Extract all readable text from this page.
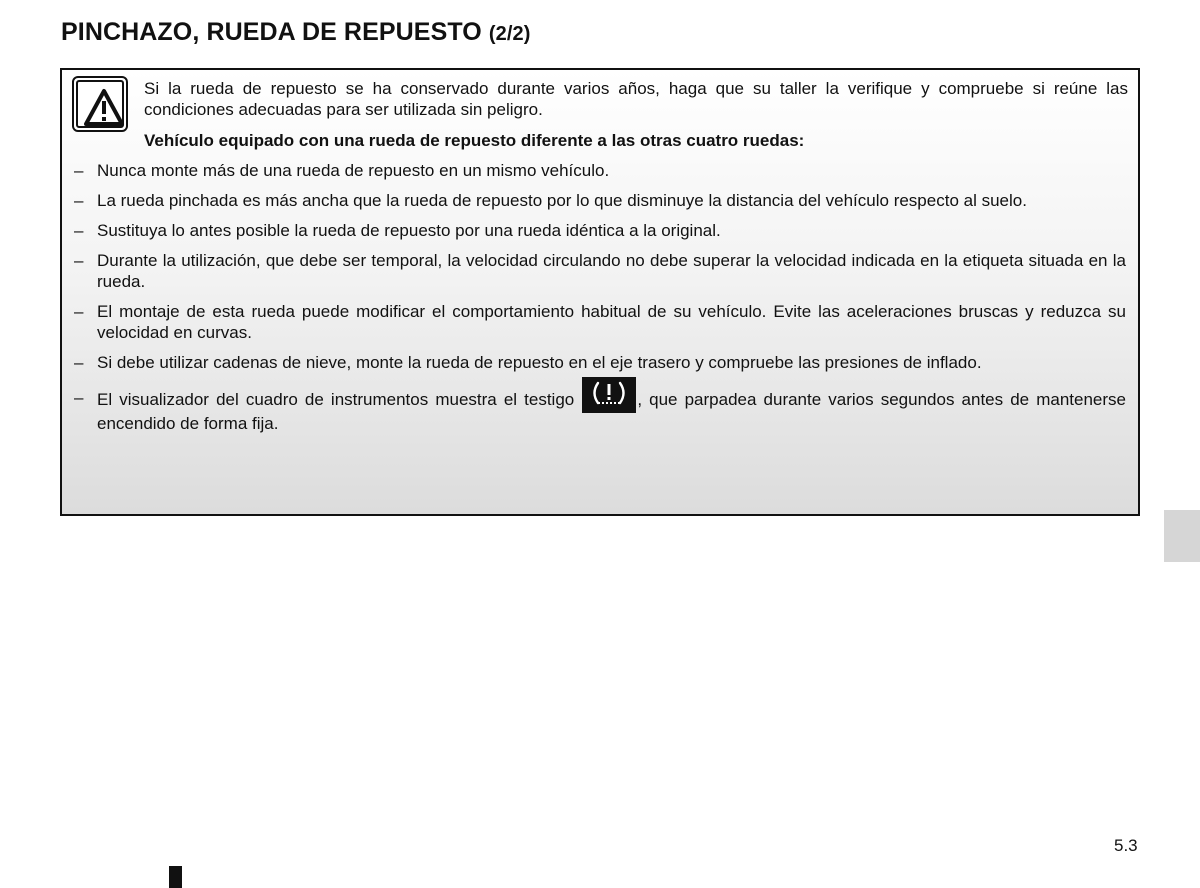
PINCHAZO, RUEDA DE REPUESTO (2/2)

Si la rueda de repuesto se ha conservado durante varios años, haga que su taller la verifique y compruebe si reúne las condiciones adecuadas para ser utilizada sin peligro.

Vehículo equipado con una rueda de repuesto diferente a las otras cuatro ruedas:

– Nunca monte más de una rueda de repuesto en un mismo vehículo.
– La rueda pinchada es más ancha que la rueda de repuesto por lo que disminuye la distancia del vehículo respecto al suelo.
– Sustituya lo antes posible la rueda de repuesto por una rueda idéntica a la original.
– Durante la utilización, que debe ser temporal, la velocidad circulando no debe superar la velocidad indicada en la etiqueta situada en la rueda.
– El montaje de esta rueda puede modificar el comportamiento habitual de su vehículo. Evite las aceleraciones bruscas y reduzca su velocidad en curvas.
– Si debe utilizar cadenas de nieve, monte la rueda de repuesto en el eje trasero y compruebe las presiones de inflado.
– El visualizador del cuadro de instrumentos muestra el testigo	, que parpadea durante varios segundos antes de mantenerse encendido de forma fija.
5.3
